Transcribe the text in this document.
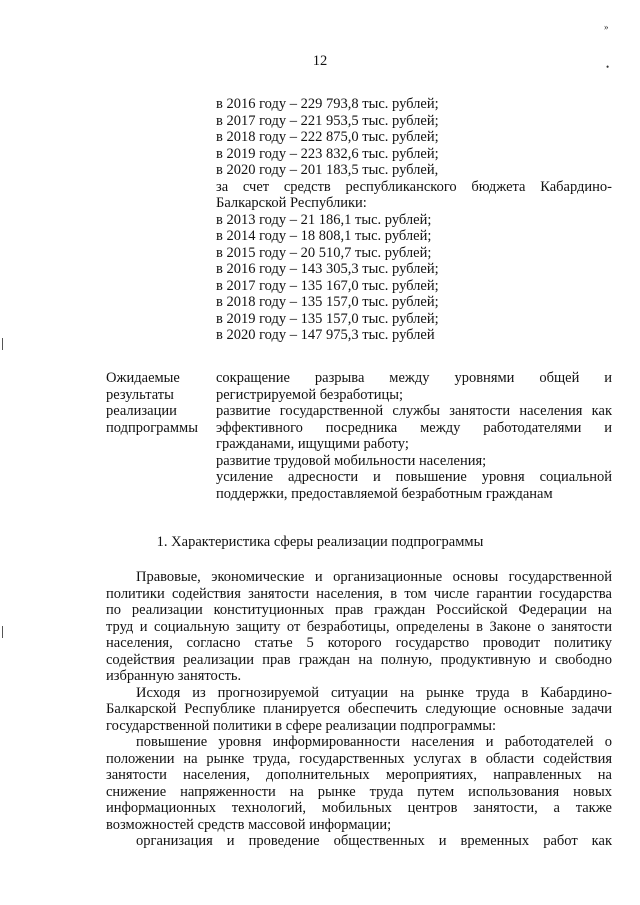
12
»
•
в 2016 году – 229 793,8 тыс. рублей;
в 2017 году – 221 953,5 тыс. рублей;
в 2018 году – 222 875,0 тыс. рублей;
в 2019 году – 223 832,6 тыс. рублей;
в 2020 году – 201 183,5 тыс. рублей,
за счет средств республиканского бюджета Кабардино-
Балкарской Республики:
в 2013 году – 21 186,1 тыс. рублей;
в 2014 году – 18 808,1 тыс. рублей;
в 2015 году – 20 510,7 тыс. рублей;
в 2016 году – 143 305,3 тыс. рублей;
в 2017 году – 135 167,0 тыс. рублей;
в 2018 году – 135 157,0 тыс. рублей;
в 2019 году – 135 157,0 тыс. рублей;
в 2020 году – 147 975,3 тыс. рублей
Ожидаемые
результаты
реализации
подпрограммы
сокращение разрыва между уровнями общей и
регистрируемой безработицы;
развитие государственной службы занятости населения как
эффективного посредника между работодателями и
гражданами, ищущими работу;
развитие трудовой мобильности населения;
усиление адресности и повышение уровня социальной
поддержки, предоставляемой безработным гражданам
1. Характеристика сферы реализации подпрограммы
Правовые, экономические и организационные основы государственной
политики содействия занятости населения, в том числе гарантии государства
по реализации конституционных прав граждан Российской Федерации на
труд и социальную защиту от безработицы, определены в Законе о занятости
населения, согласно статье 5 которого государство проводит политику
содействия реализации прав граждан на полную, продуктивную и свободно
избранную занятость.
Исходя из прогнозируемой ситуации на рынке труда в Кабардино-
Балкарской Республике планируется обеспечить следующие основные задачи
государственной политики в сфере реализации подпрограммы:
повышение уровня информированности населения и работодателей о
положении на рынке труда, государственных услугах в области содействия
занятости населения, дополнительных мероприятиях, направленных на
снижение напряженности на рынке труда путем использования новых
информационных технологий, мобильных центров занятости, а также
возможностей средств массовой информации;
организация и проведение общественных и временных работ как
